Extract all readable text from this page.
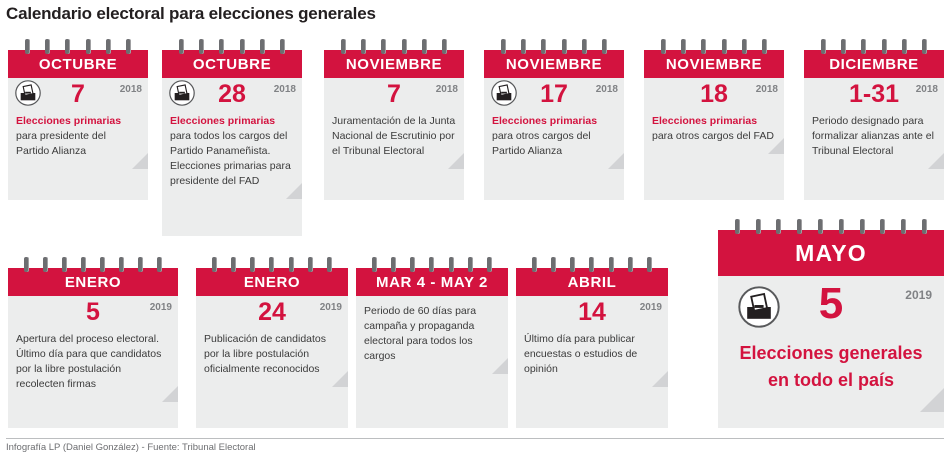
Calendario electoral para elecciones generales
OCTUBRE
7	2018
Elecciones primarias para presidente del Partido Alianza
OCTUBRE
28	2018
Elecciones primarias para todos los cargos del Partido Panameñista. Elecciones primarias para presidente del FAD
NOVIEMBRE
7	2018
Juramentación de la Junta Nacional de Escrutinio por el Tribunal Electoral
NOVIEMBRE
17	2018
Elecciones primarias para otros cargos del Partido Alianza
NOVIEMBRE
18	2018
Elecciones primarias para otros cargos del FAD
DICIEMBRE
1-31	2018
Periodo designado para formalizar alianzas ante el Tribunal Electoral
ENERO
5	2019
Apertura del proceso electoral. Último día para que candidatos por la libre postulación recolecten firmas
ENERO
24	2019
Publicación de candidatos por la libre postulación oficialmente reconocidos
MAR 4 - MAY 2
Periodo de 60 días para campaña y propaganda electoral para todos los cargos
ABRIL
14	2019
Último día para publicar encuestas o estudios de opinión
MAYO
5	2019
Elecciones generales en todo el país
Infografía LP (Daniel González) - Fuente: Tribunal Electoral
